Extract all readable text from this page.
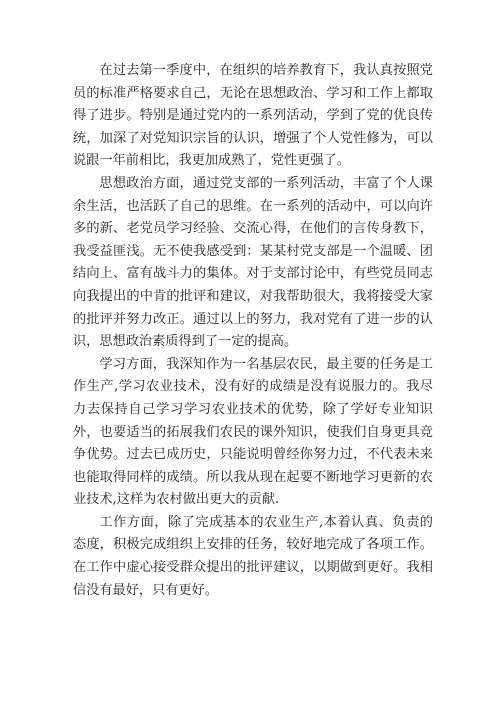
在过去第一季度中，在组织的培养教育下，我认真按照党员的标准严格要求自己，无论在思想政治、学习和工作上都取得了进步。特别是通过党内的一系列活动，学到了党的优良传统，加深了对党知识宗旨的认识，增强了个人党性修为，可以说跟一年前相比，我更加成熟了，党性更强了。

思想政治方面，通过党支部的一系列活动，丰富了个人课余生活，也活跃了自己的思维。在一系列的活动中，可以向许多的新、老党员学习经验、交流心得，在他们的言传身教下，我受益匪浅。无不使我感受到：某某村党支部是一个温暖、团结向上、富有战斗力的集体。对于支部讨论中，有些党员同志向我提出的中肯的批评和建议，对我帮助很大，我将接受大家的批评并努力改正。通过以上的努力，我对党有了进一步的认识，思想政治素质得到了一定的提高。

学习方面，我深知作为一名基层农民，最主要的任务是工作生产,学习农业技术，没有好的成绩是没有说服力的。我尽力去保持自己学习学习农业技术的优势，除了学好专业知识外，也要适当的拓展我们农民的课外知识，使我们自身更具竞争优势。过去已成历史，只能说明曾经你努力过，不代表未来也能取得同样的成绩。所以我从现在起要不断地学习更新的农业技术,这样为农村做出更大的贡献.

工作方面，除了完成基本的农业生产,本着认真、负责的态度，积极完成组织上安排的任务，较好地完成了各项工作。在工作中虚心接受群众提出的批评建议，以期做到更好。我相信没有最好，只有更好。
